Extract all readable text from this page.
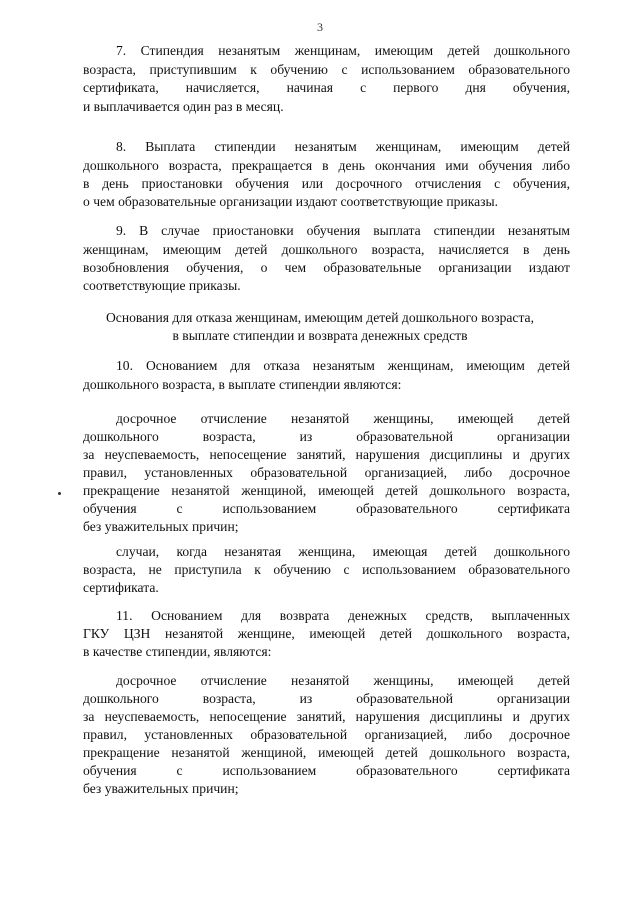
3
7. Стипендия незанятым женщинам, имеющим детей дошкольного
возраста, приступившим к обучению с использованием образовательного
сертификата, начисляется, начиная с первого дня обучения,
и выплачивается один раз в месяц.
8. Выплата стипендии незанятым женщинам, имеющим детей
дошкольного возраста, прекращается в день окончания ими обучения либо
в день приостановки обучения или досрочного отчисления с обучения,
о чем образовательные организации издают соответствующие приказы.
9. В случае приостановки обучения выплата стипендии незанятым
женщинам, имеющим детей дошкольного возраста, начисляется в день
возобновления обучения, о чем образовательные организации издают
соответствующие приказы.
Основания для отказа женщинам, имеющим детей дошкольного возраста,
в выплате стипендии и возврата денежных средств
10. Основанием для отказа незанятым женщинам, имеющим детей
дошкольного возраста, в выплате стипендии являются:
досрочное отчисление незанятой женщины, имеющей детей
дошкольного возраста, из образовательной организации
за неуспеваемость, непосещение занятий, нарушения дисциплины и других
правил, установленных образовательной организацией, либо досрочное
прекращение незанятой женщиной, имеющей детей дошкольного возраста,
обучения с использованием образовательного сертификата
без уважительных причин;
случаи, когда незанятая женщина, имеющая детей дошкольного
возраста, не приступила к обучению с использованием образовательного
сертификата.
11. Основанием для возврата денежных средств, выплаченных
ГКУ ЦЗН незанятой женщине, имеющей детей дошкольного возраста,
в качестве стипендии, являются:
досрочное отчисление незанятой женщины, имеющей детей
дошкольного возраста, из образовательной организации
за неуспеваемость, непосещение занятий, нарушения дисциплины и других
правил, установленных образовательной организацией, либо досрочное
прекращение незанятой женщиной, имеющей детей дошкольного возраста,
обучения с использованием образовательного сертификата
без уважительных причин;
